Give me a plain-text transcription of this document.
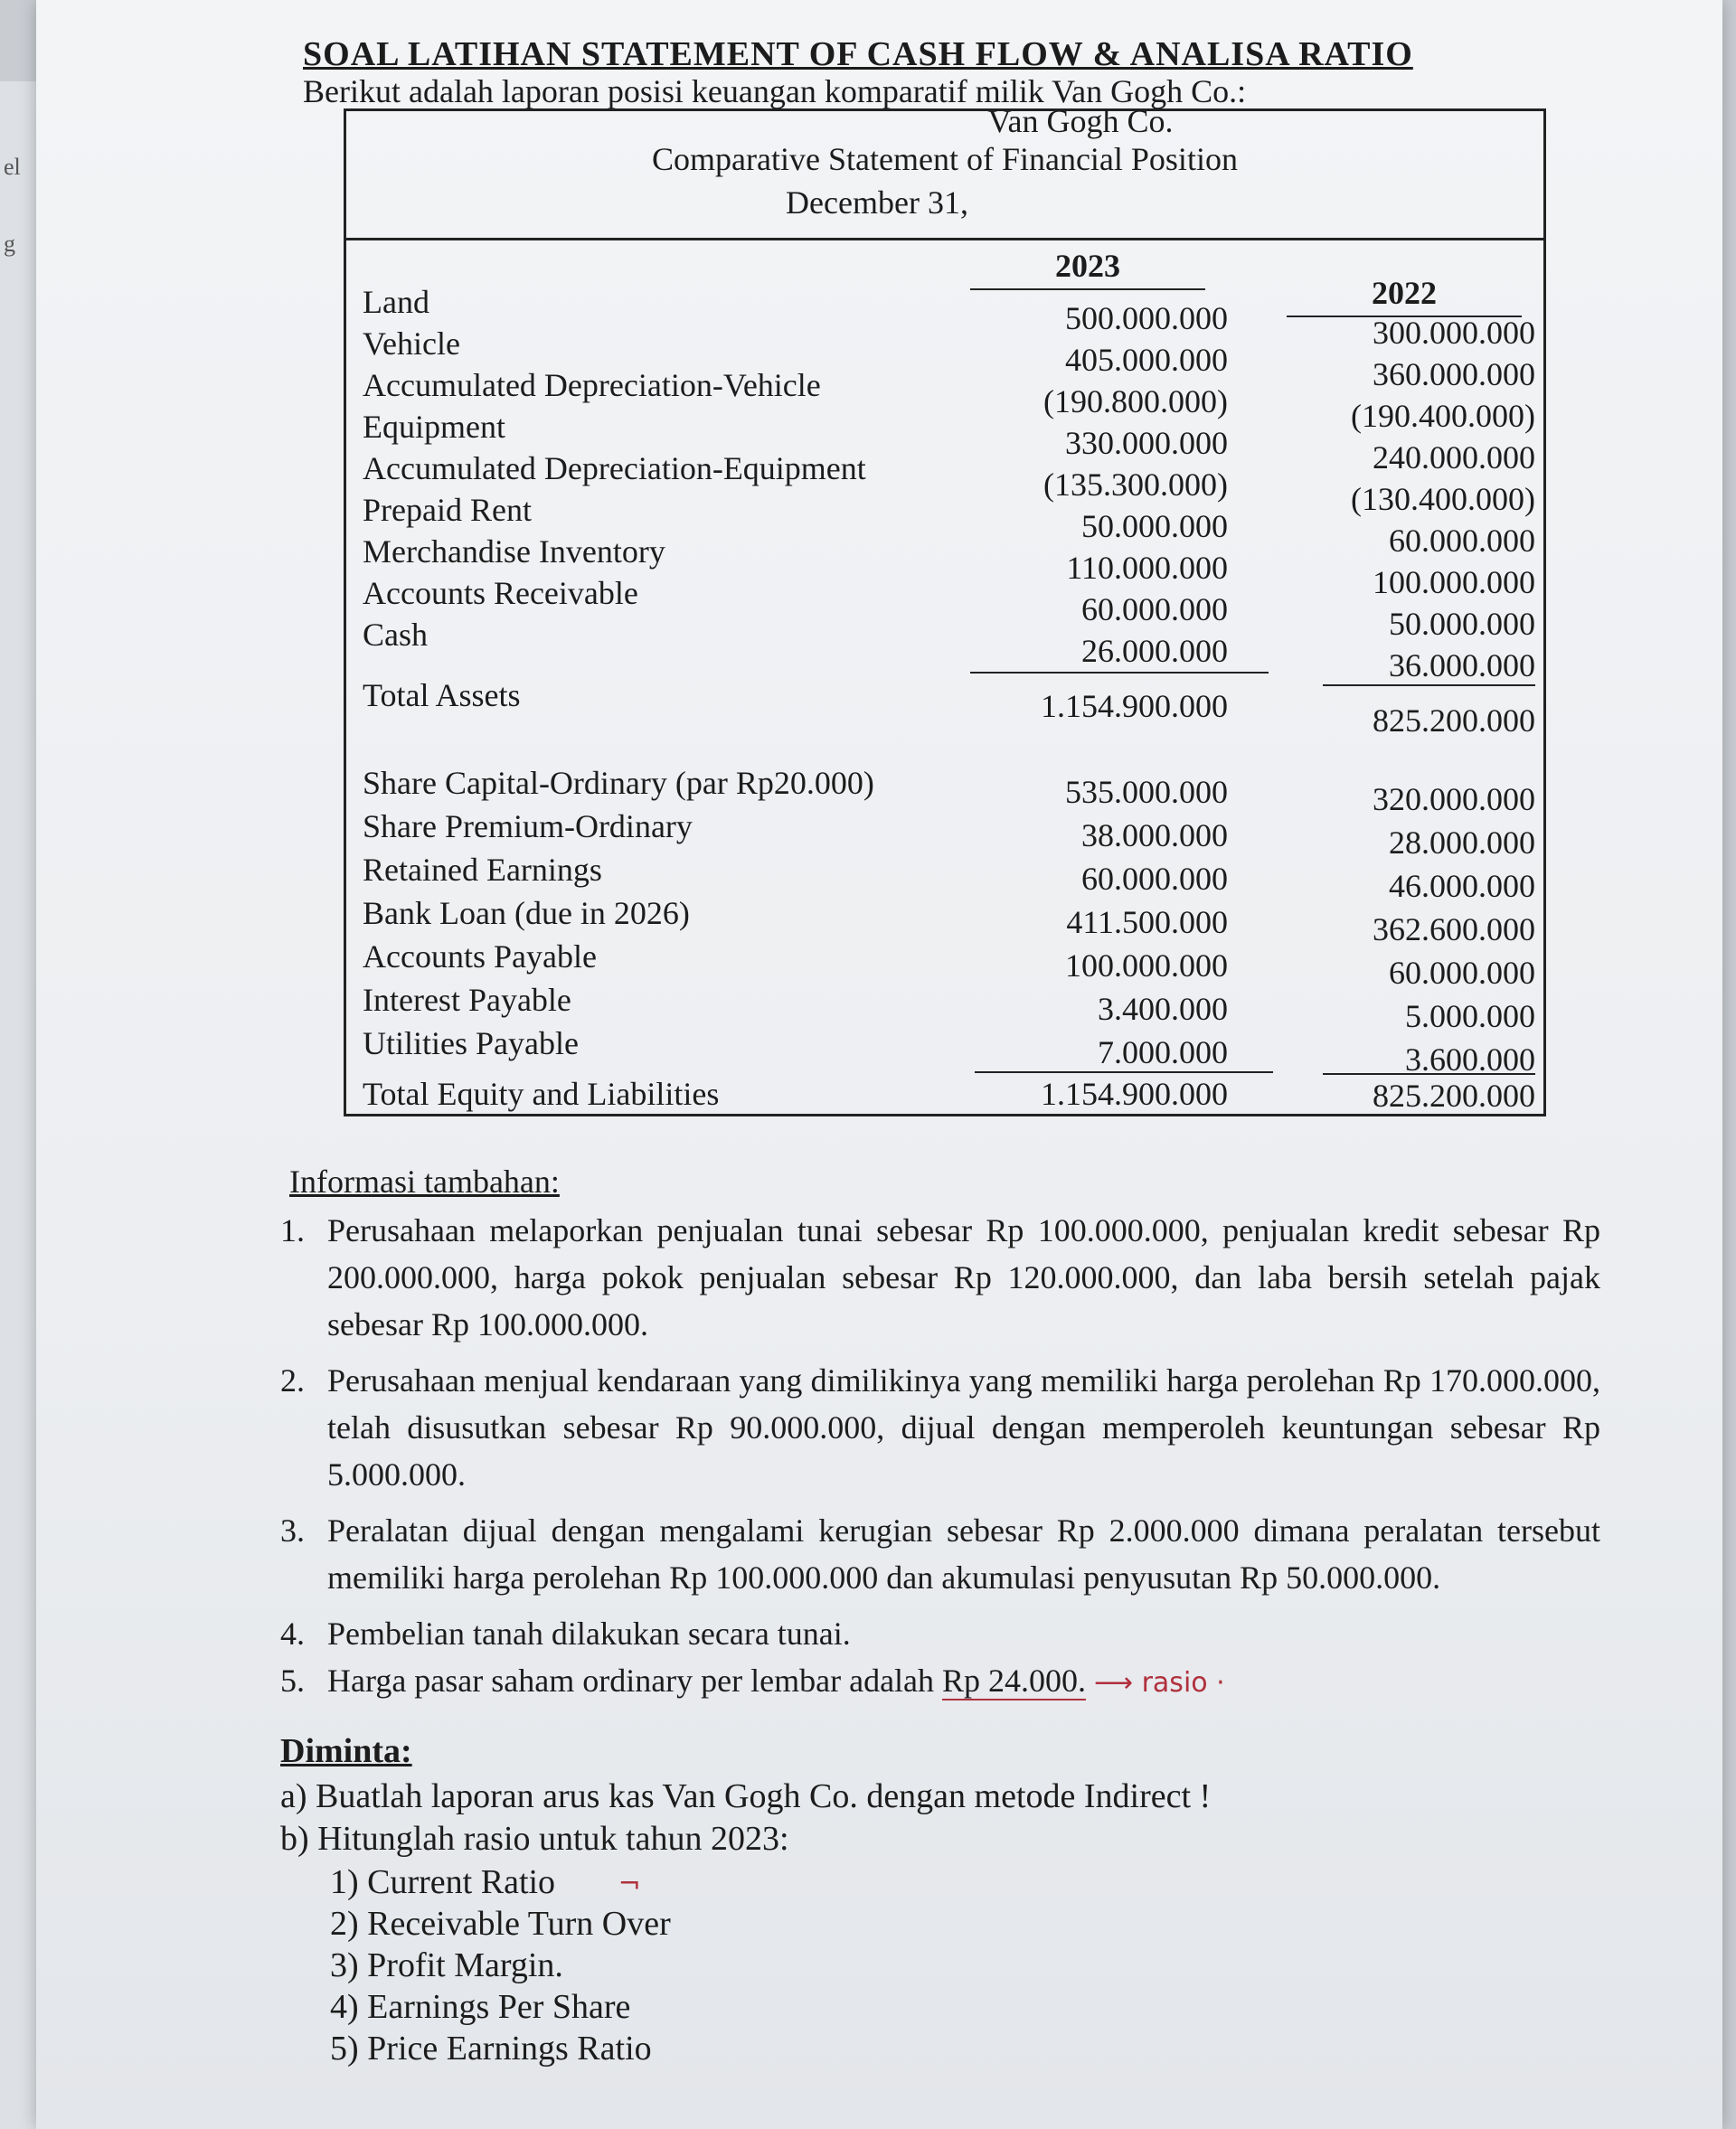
el
g
SOAL LATIHAN STATEMENT OF CASH FLOW & ANALISA RATIO
Berikut adalah laporan posisi keuangan komparatif milik Van Gogh Co.:
Van Gogh Co.
Comparative Statement of Financial Position
December 31,
2023
2022
Land	500.000.000	300.000.000
Vehicle	405.000.000	360.000.000
Accumulated Depreciation-Vehicle	(190.800.000)	(190.400.000)
Equipment	330.000.000	240.000.000
Accumulated Depreciation-Equipment	(135.300.000)	(130.400.000)
Prepaid Rent	50.000.000	60.000.000
Merchandise Inventory	110.000.000	100.000.000
Accounts Receivable	60.000.000	50.000.000
Cash	26.000.000	36.000.000
Total Assets	1.154.900.000	825.200.000
Share Capital-Ordinary (par Rp20.000)	535.000.000	320.000.000
Share Premium-Ordinary	38.000.000	28.000.000
Retained Earnings	60.000.000	46.000.000
Bank Loan (due in 2026)	411.500.000	362.600.000
Accounts Payable	100.000.000	60.000.000
Interest Payable	3.400.000	5.000.000
Utilities Payable	7.000.000	3.600.000
Total Equity and Liabilities	1.154.900.000	825.200.000
Informasi tambahan:
1. Perusahaan melaporkan penjualan tunai sebesar Rp 100.000.000, penjualan kredit sebesar Rp 200.000.000, harga pokok penjualan sebesar Rp 120.000.000, dan laba bersih setelah pajak sebesar Rp 100.000.000.
2. Perusahaan menjual kendaraan yang dimilikinya yang memiliki harga perolehan Rp 170.000.000, telah disusutkan sebesar Rp 90.000.000, dijual dengan memperoleh keuntungan sebesar Rp 5.000.000.
3. Peralatan dijual dengan mengalami kerugian sebesar Rp 2.000.000 dimana peralatan tersebut memiliki harga perolehan Rp 100.000.000 dan akumulasi penyusutan Rp 50.000.000.
4. Pembelian tanah dilakukan secara tunai.
5. Harga pasar saham ordinary per lembar adalah Rp 24.000. ⟶ rasio ·
Diminta:
a) Buatlah laporan arus kas Van Gogh Co. dengan metode Indirect !
b) Hitunglah rasio untuk tahun 2023:
1) Current Ratio ¬
2) Receivable Turn Over
3) Profit Margin.
4) Earnings Per Share
5) Price Earnings Ratio
